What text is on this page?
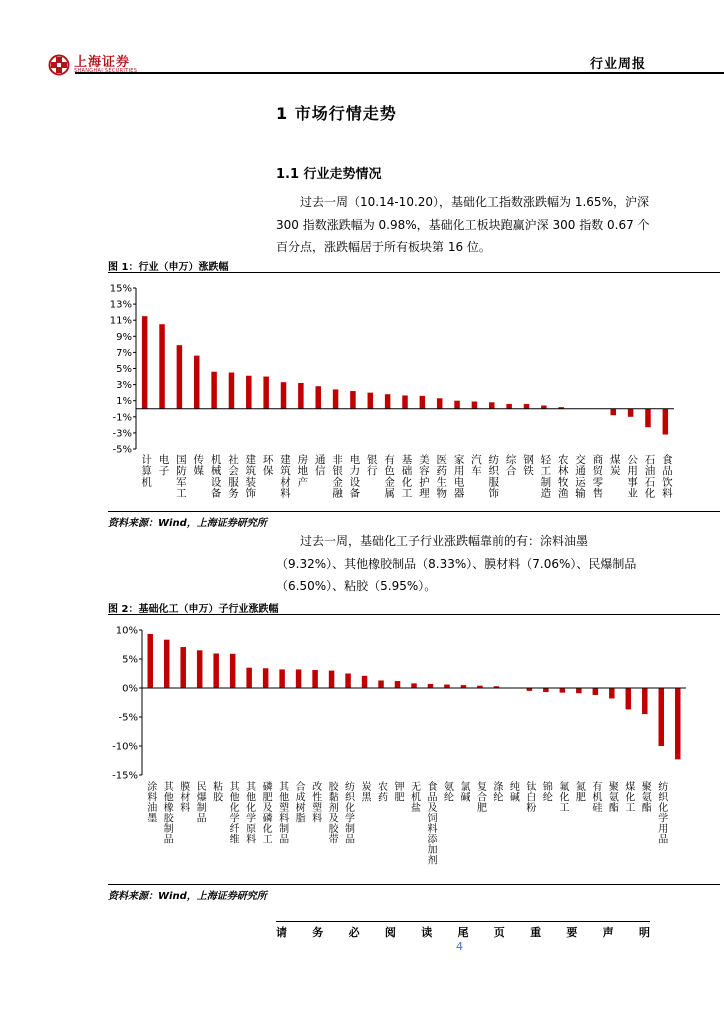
上海证券
SHANGHAI SECURITIES	行业周报
1 市场行情走势
1.1 行业走势情况
过去一周（10.14-10.20），基础化工指数涨跌幅为 1.65%，沪深 300 指数涨跌幅为 0.98%，基础化工板块跑赢沪深 300 指数 0.67 个百分点，涨跌幅居于所有板块第 16 位。
图 1：行业（申万）涨跌幅
-5%
-3%
-1%
1%
3%
5%
7%
9%
11%
13%
15%
计算机
电子
国防军工
传媒
机械设备
社会服务
建筑装饰
环保
建筑材料
房地产
通信
非银金融
电力设备
银行
有色金属
基础化工
美容护理
医药生物
家用电器
汽车
纺织服饰
综合
钢铁
轻工制造
农林牧渔
交通运输
商贸零售
煤炭
公用事业
石油石化
食品饮料
资料来源：Wind，上海证券研究所
过去一周，基础化工子行业涨跌幅靠前的有：涂料油墨（9.32%）、其他橡胶制品（8.33%）、膜材料（7.06%）、民爆制品（6.50%）、粘胶（5.95%）。
图 2：基础化工（申万）子行业涨跌幅
-15%
-10%
-5%
0%
5%
10%
涂料油墨
其他橡胶制品
膜材料
民爆制品
粘胶
其他化学纤维
其他化学原料
磷肥及磷化工
其他塑料制品
合成树脂
改性塑料
胶黏剂及胶带
纺织化学制品
炭黑
农药
钾肥
无机盐
食品及饲料添加剂
氨纶
氯碱
复合肥
涤纶
纯碱
钛白粉
锦纶
氟化工
氮肥
有机硅
聚氨酯
煤化工
聚氨酯
纺织化学用品
资料来源：Wind，上海证券研究所
请 务 必 阅 读 尾 页 重 要 声 明
4
